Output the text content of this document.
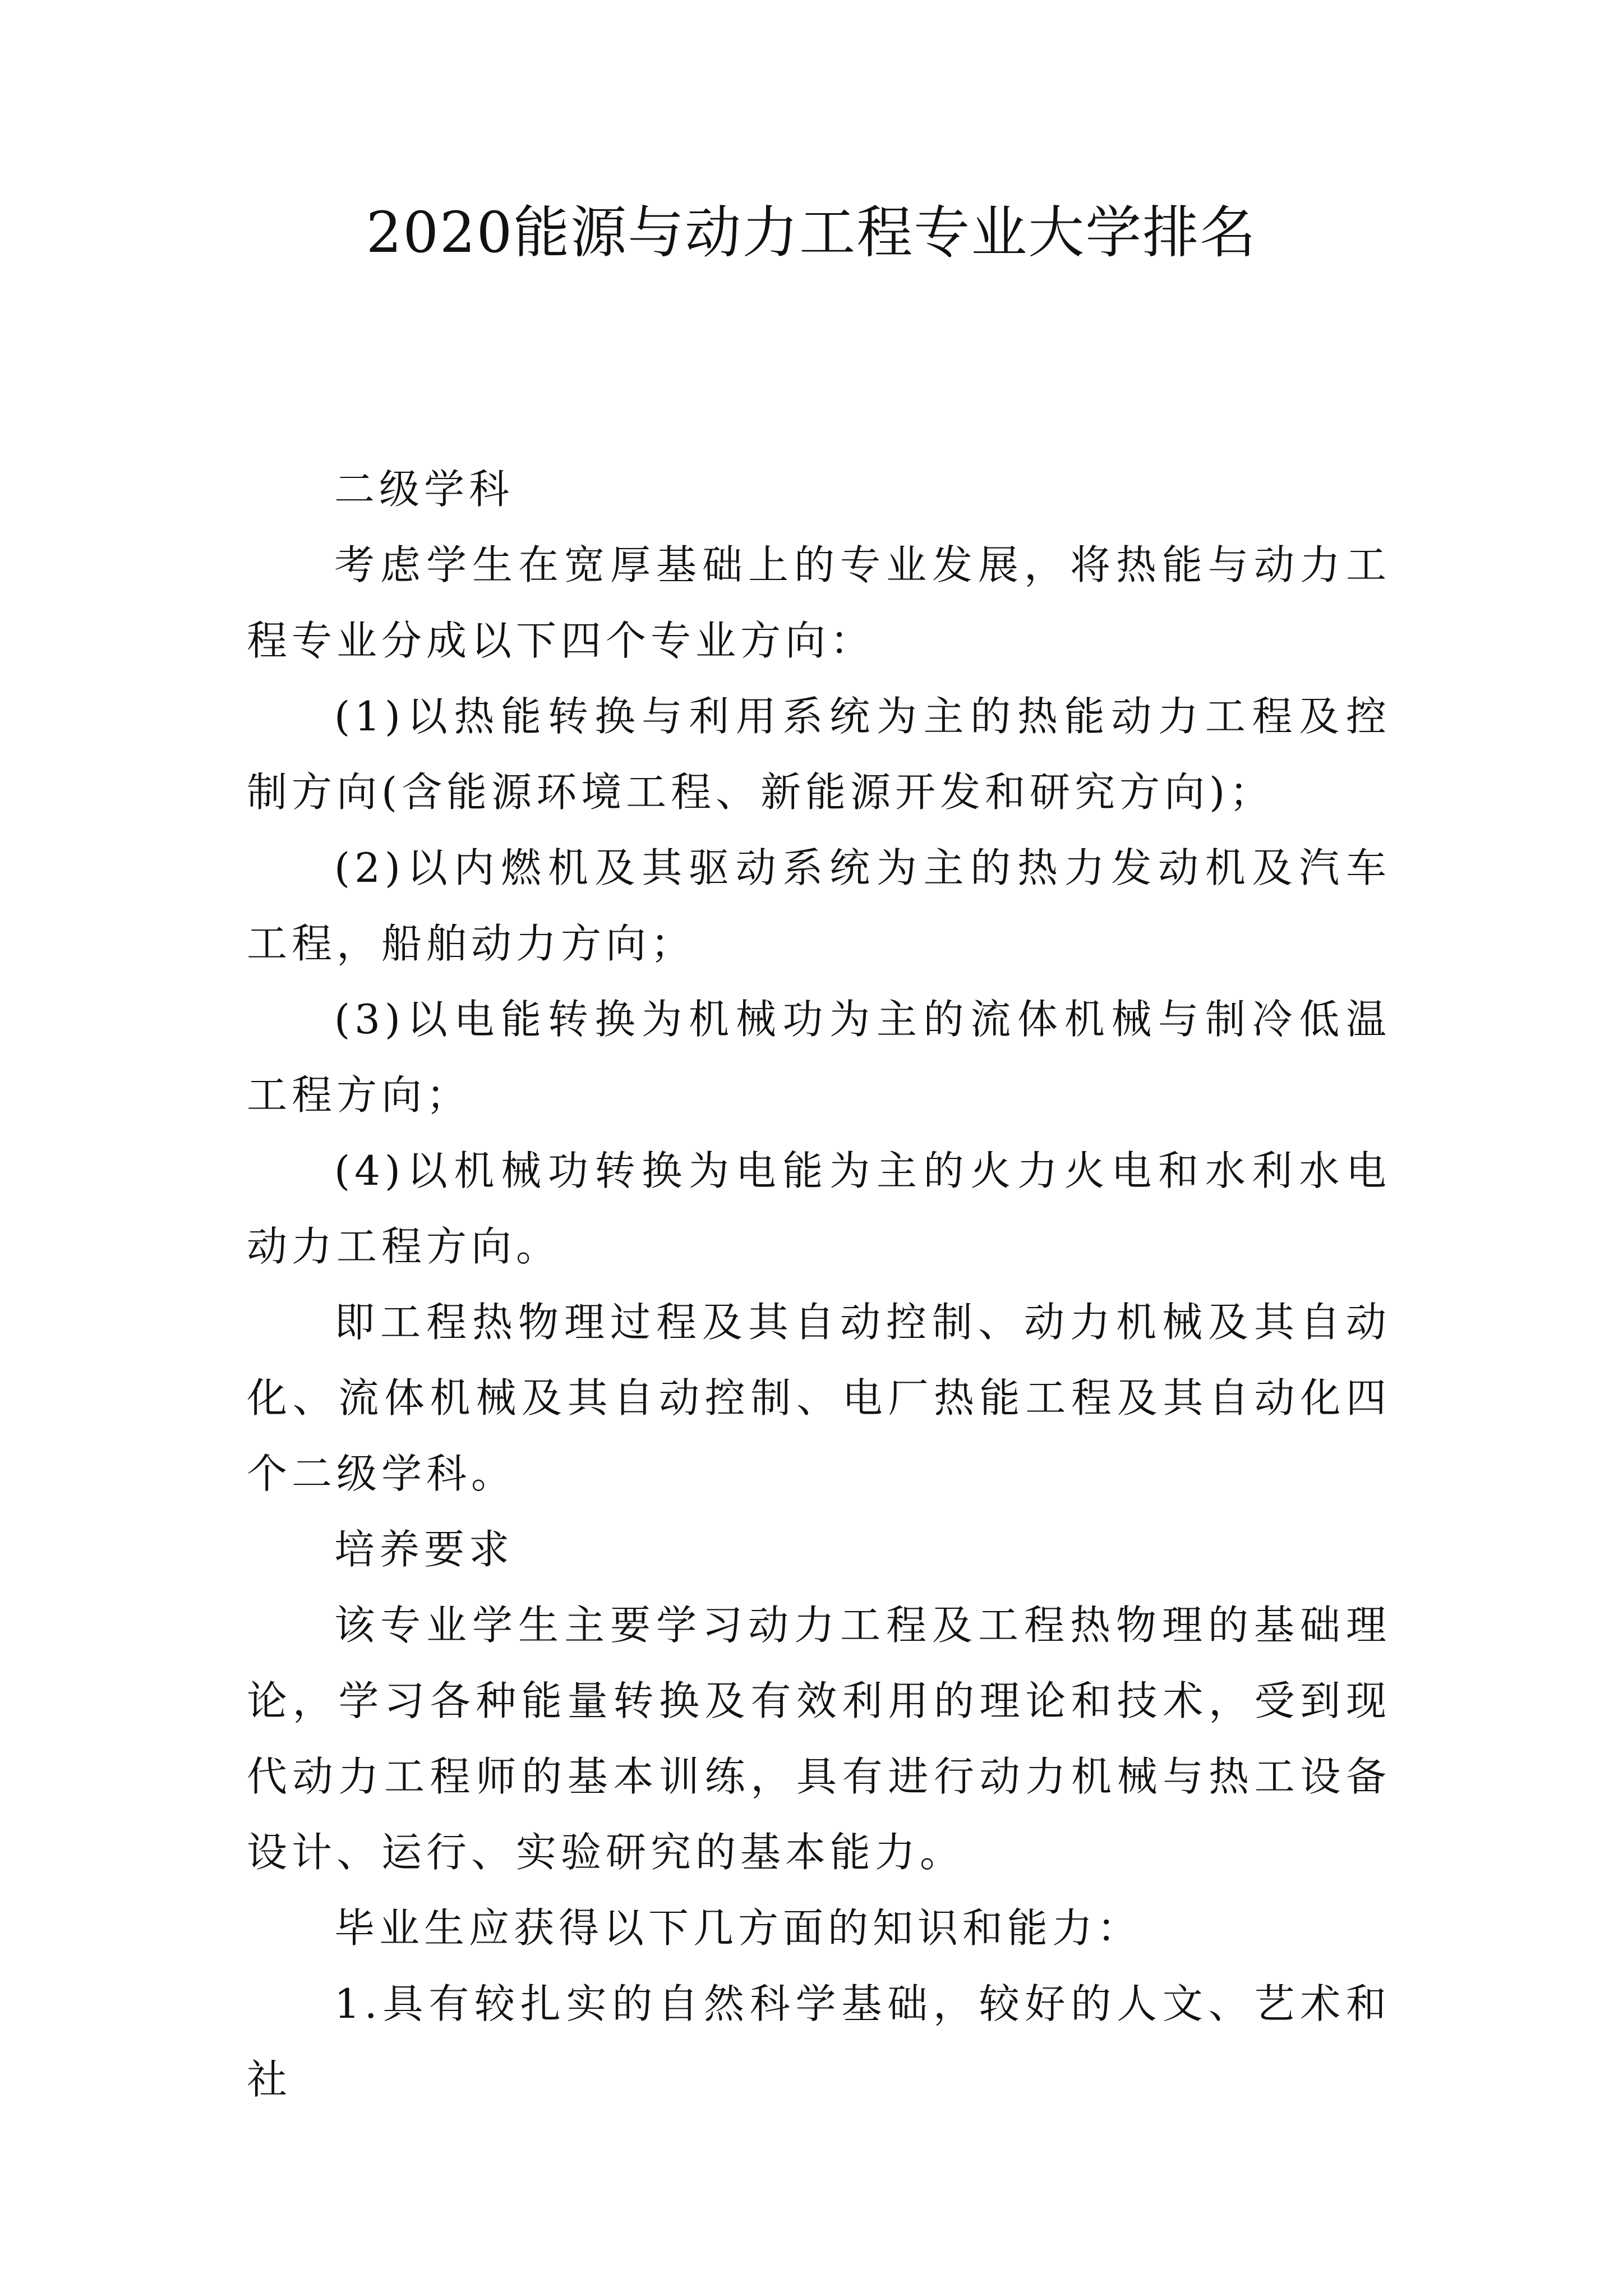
2020能源与动力工程专业大学排名

二级学科

考虑学生在宽厚基础上的专业发展，将热能与动力工程专业分成以下四个专业方向：

(1)以热能转换与利用系统为主的热能动力工程及控制方向(含能源环境工程、新能源开发和研究方向)；

(2)以内燃机及其驱动系统为主的热力发动机及汽车工程，船舶动力方向；

(3)以电能转换为机械功为主的流体机械与制冷低温工程方向；

(4)以机械功转换为电能为主的火力火电和水利水电动力工程方向。

即工程热物理过程及其自动控制、动力机械及其自动化、流体机械及其自动控制、电厂热能工程及其自动化四个二级学科。

培养要求

该专业学生主要学习动力工程及工程热物理的基础理论，学习各种能量转换及有效利用的理论和技术，受到现代动力工程师的基本训练，具有进行动力机械与热工设备设计、运行、实验研究的基本能力。

毕业生应获得以下几方面的知识和能力：

1.具有较扎实的自然科学基础，较好的人文、艺术和社
